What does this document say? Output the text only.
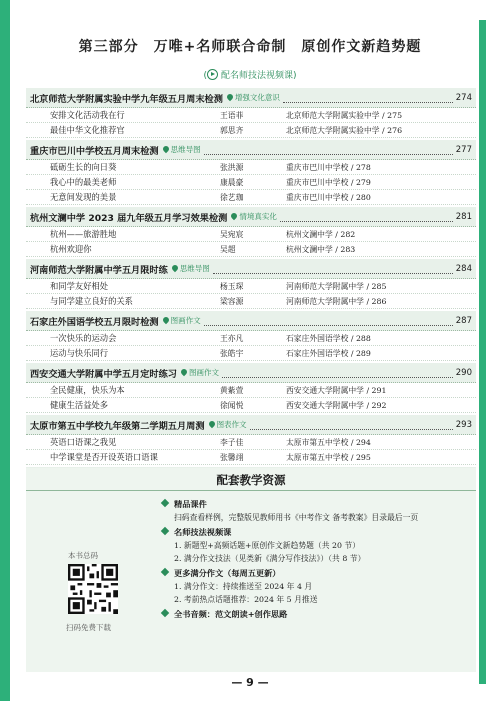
第三部分　万唯+名师联合命制　原创作文新趋势题
( 配名师技法视频课)
北京师范大学附属实验中学九年级五月周末检测	增强文化意识	274
安排文化活动我在行	王语菲	北京师范大学附属实验中学 / 275
最佳中华文化推荐官	郭思齐	北京师范大学附属实验中学 / 276
重庆市巴川中学校五月周末检测	思维导图	277
砥砺生长的向日葵	张洪源	重庆市巴川中学校 / 278
我心中的最美老师	康晨豪	重庆市巴川中学校 / 279
无意间发现的美景	徐艺珈	重庆市巴川中学校 / 280
杭州文澜中学 2023 届九年级五月学习效果检测	情境真实化	281
杭州——旅游胜地	吴宛宸	杭州文澜中学 / 282
杭州欢迎你	吴超	杭州文澜中学 / 283
河南师范大学附属中学五月限时练	思维导图	284
和同学友好相处	杨玉琛	河南师范大学附属中学 / 285
与同学建立良好的关系	梁容源	河南师范大学附属中学 / 286
石家庄外国语学校五月限时检测	图画作文	287
一次快乐的运动会	王亦凡	石家庄外国语学校 / 288
运动与快乐同行	张皓宇	石家庄外国语学校 / 289
西安交通大学附属中学五月定时练习	图画作文	290
全民健康，快乐为本	黄紫萱	西安交通大学附属中学 / 291
健康生活益处多	徐闻悦	西安交通大学附属中学 / 292
太原市第五中学校九年级第二学期五月周测	图表作文	293
英语口语课之我见	李子佳	太原市第五中学校 / 294
中学课堂是否开设英语口语课	张馨翊	太原市第五中学校 / 295
配套教学资源
本书总码
扫码免费下载
精品课件
扫码查看样例，完整版见教师用书《中考作文 备考教案》目录最后一页
名师技法视频课
1. 新题型+高频话题+原创作文新趋势题（共 20 节）
2. 满分作文技法（见类新《满分写作技法》）（共 8 节）
更多满分作文（每周五更新）
1. 满分作文：持续推送至 2024 年 4 月
2. 考前热点话题推荐：2024 年 5 月推送
全书音频：范文朗读+创作思路
— 9 —
